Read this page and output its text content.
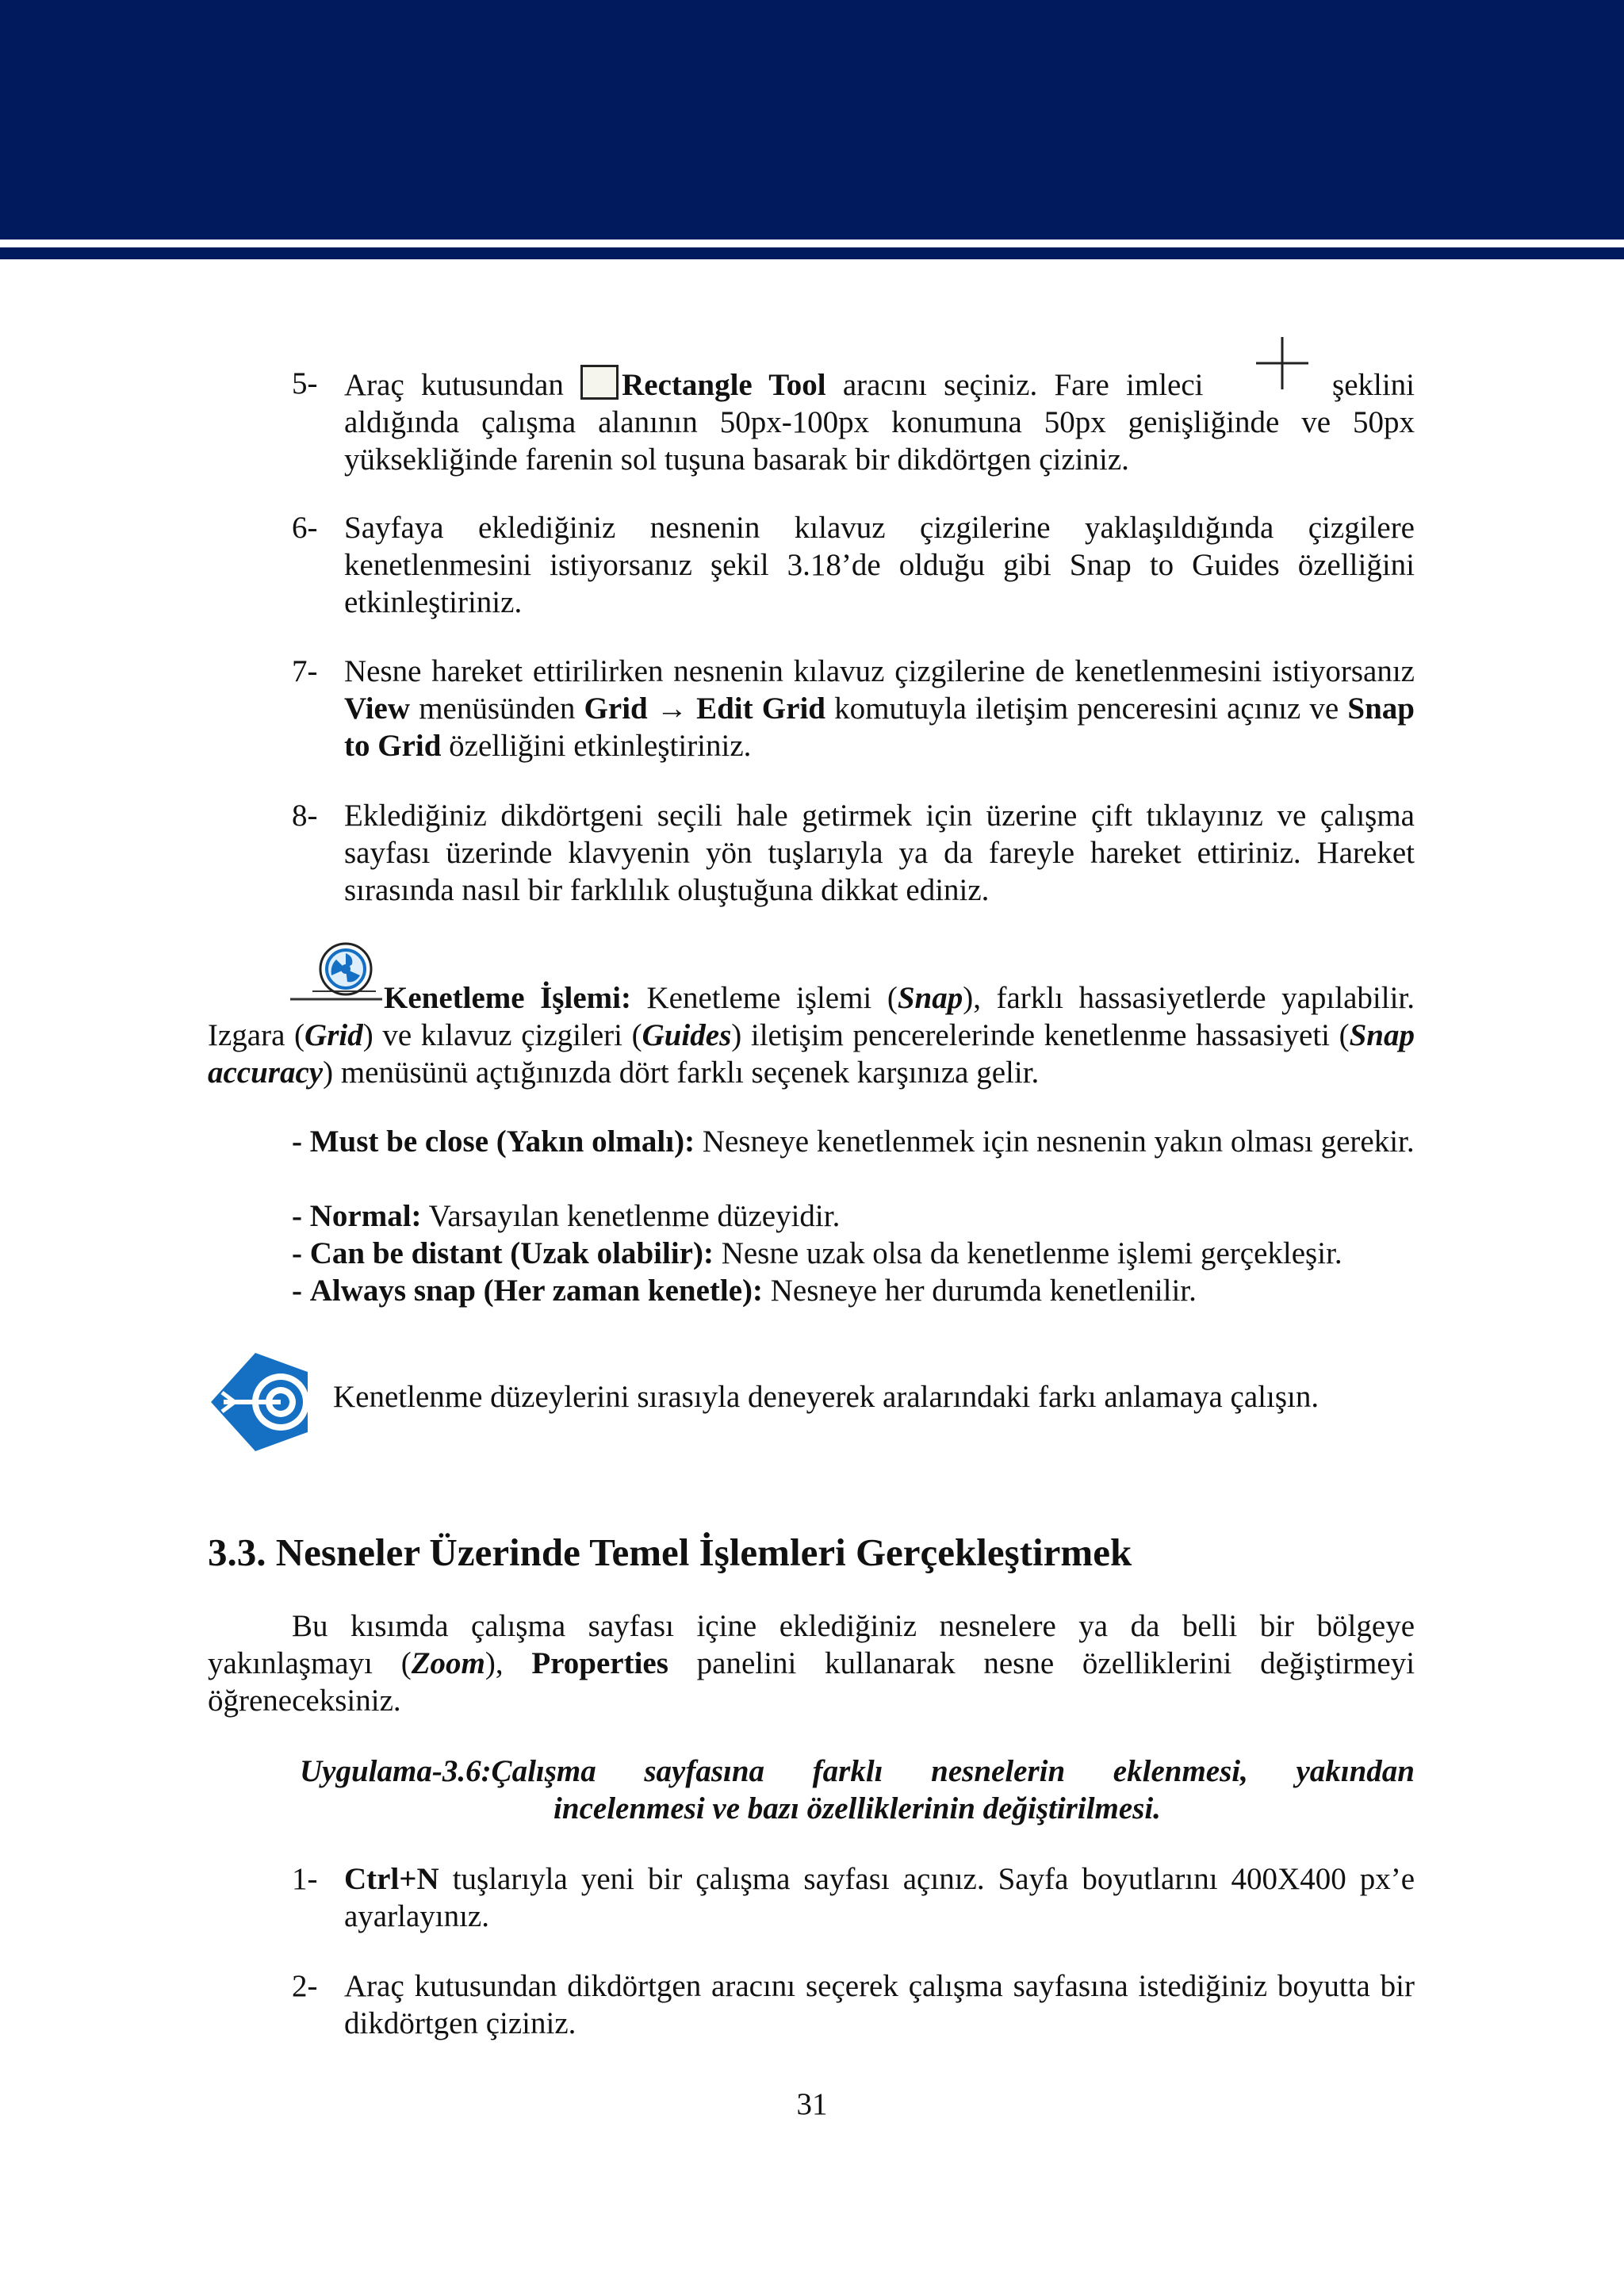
5- Araç kutusundan Rectangle Tool aracını seçiniz. Fare imleci	şeklini aldığında çalışma alanının 50px-100px konumuna 50px genişliğinde ve 50px yüksekliğinde farenin sol tuşuna basarak bir dikdörtgen çiziniz.
6- Sayfaya eklediğiniz nesnenin kılavuz çizgilerine yaklaşıldığında çizgilere kenetlenmesini istiyorsanız şekil 3.18’de olduğu gibi Snap to Guides özelliğini etkinleştiriniz.
7- Nesne hareket ettirilirken nesnenin kılavuz çizgilerine de kenetlenmesini istiyorsanız View menüsünden Grid → Edit Grid komutuyla iletişim penceresini açınız ve Snap to Grid özelliğini etkinleştiriniz.
8- Eklediğiniz dikdörtgeni seçili hale getirmek için üzerine çift tıklayınız ve çalışma sayfası üzerinde klavyenin yön tuşlarıyla ya da fareyle hareket ettiriniz. Hareket sırasında nasıl bir farklılık oluştuğuna dikkat ediniz.
Kenetleme İşlemi: Kenetleme işlemi (Snap), farklı hassasiyetlerde yapılabilir. Izgara (Grid) ve kılavuz çizgileri (Guides) iletişim pencerelerinde kenetlenme hassasiyeti (Snap accuracy) menüsünü açtığınızda dört farklı seçenek karşınıza gelir.
- Must be close (Yakın olmalı): Nesneye kenetlenmek için nesnenin yakın olması gerekir.
- Normal: Varsayılan kenetlenme düzeyidir.
- Can be distant (Uzak olabilir): Nesne uzak olsa da kenetlenme işlemi gerçekleşir.
- Always snap (Her zaman kenetle): Nesneye her durumda kenetlenilir.
Kenetlenme düzeylerini sırasıyla deneyerek aralarındaki farkı anlamaya çalışın.
3.3. Nesneler Üzerinde Temel İşlemleri Gerçekleştirmek
Bu kısımda çalışma sayfası içine eklediğiniz nesnelere ya da belli bir bölgeye yakınlaşmayı (Zoom), Properties panelini kullanarak nesne özelliklerini değiştirmeyi öğreneceksiniz.
Uygulama-3.6:Çalışma sayfasına farklı nesnelerin eklenmesi, yakından
incelenmesi ve bazı özelliklerinin değiştirilmesi.
1- Ctrl+N tuşlarıyla yeni bir çalışma sayfası açınız. Sayfa boyutlarını 400X400 px’e ayarlayınız.
2- Araç kutusundan dikdörtgen aracını seçerek çalışma sayfasına istediğiniz boyutta bir dikdörtgen çiziniz.
31
